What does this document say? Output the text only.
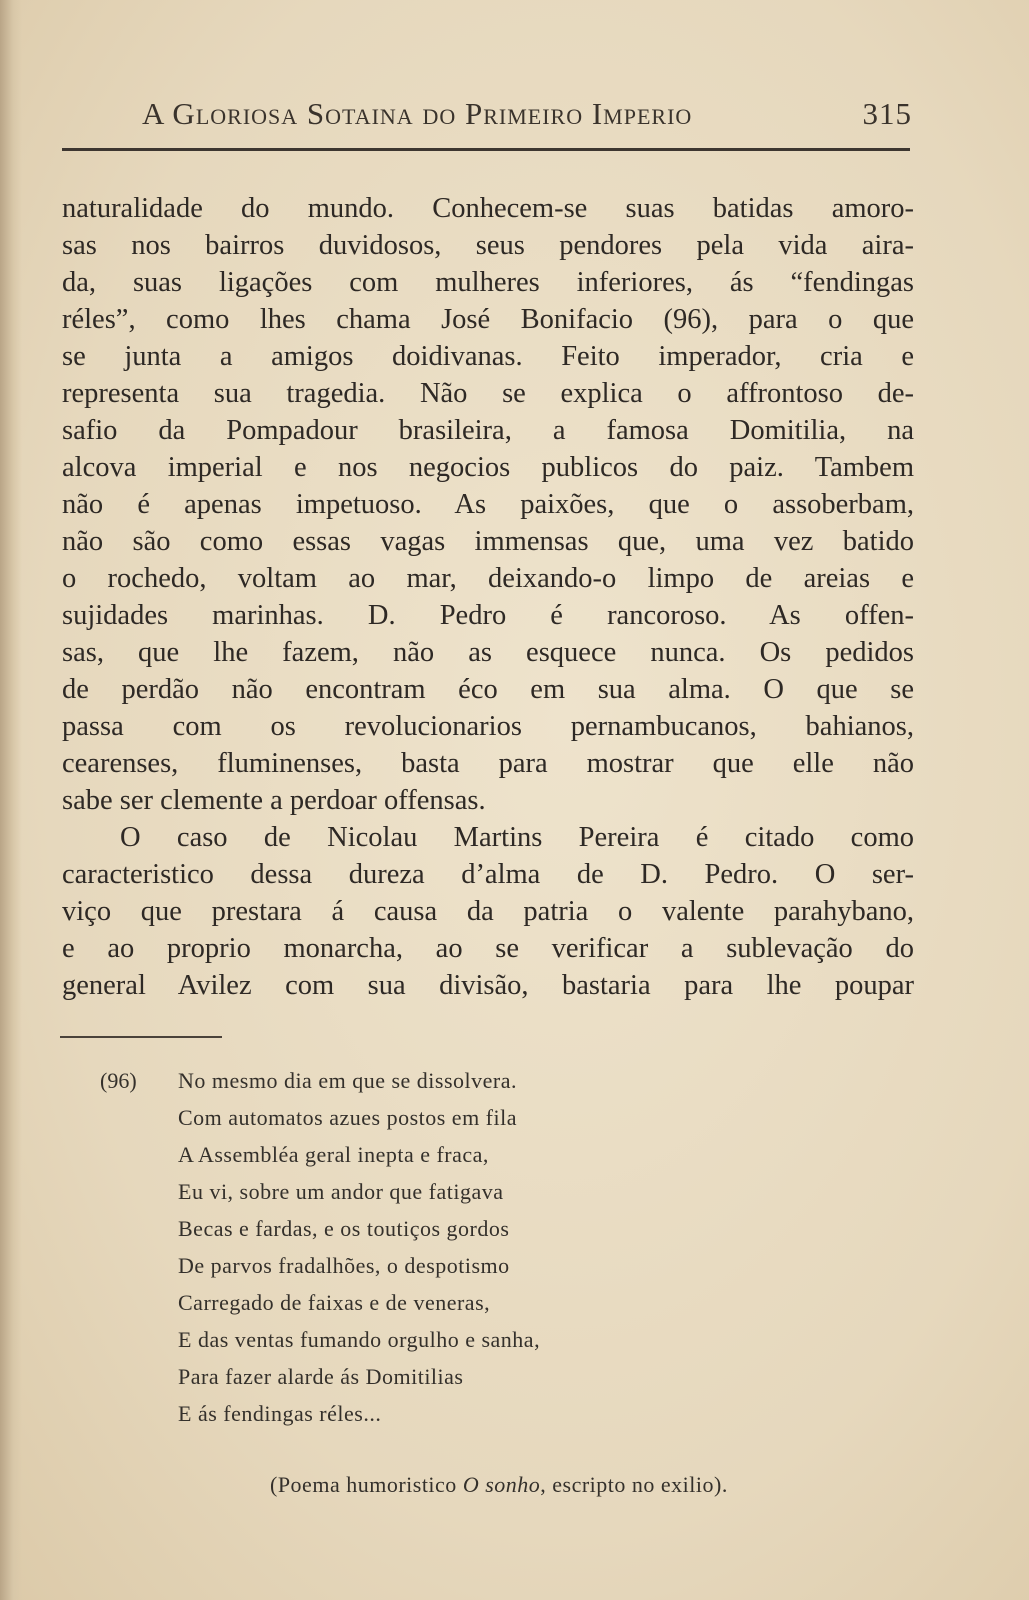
A Gloriosa Sotaina do Primeiro Imperio	315
naturalidade do mundo. Conhecem-se suas batidas amoro-
sas nos bairros duvidosos, seus pendores pela vida aira-
da, suas ligações com mulheres inferiores, ás “fendingas
réles”, como lhes chama José Bonifacio (96), para o que
se junta a amigos doidivanas. Feito imperador, cria e
representa sua tragedia. Não se explica o affrontoso de-
safio da Pompadour brasileira, a famosa Domitilia, na
alcova imperial e nos negocios publicos do paiz. Tambem
não é apenas impetuoso. As paixões, que o assoberbam,
não são como essas vagas immensas que, uma vez batido
o rochedo, voltam ao mar, deixando-o limpo de areias e
sujidades marinhas. D. Pedro é rancoroso. As offen-
sas, que lhe fazem, não as esquece nunca. Os pedidos
de perdão não encontram éco em sua alma. O que se
passa com os revolucionarios pernambucanos, bahianos,
cearenses, fluminenses, basta para mostrar que elle não
sabe ser clemente a perdoar offensas.
O caso de Nicolau Martins Pereira é citado como
caracteristico dessa dureza d’alma de D. Pedro. O ser-
viço que prestara á causa da patria o valente parahybano,
e ao proprio monarcha, ao se verificar a sublevação do
general Avilez com sua divisão, bastaria para lhe poupar
(96) No mesmo dia em que se dissolvera.
Com automatos azues postos em fila
A Assembléa geral inepta e fraca,
Eu vi, sobre um andor que fatigava
Becas e fardas, e os toutiços gordos
De parvos fradalhões, o despotismo
Carregado de faixas e de veneras,
E das ventas fumando orgulho e sanha,
Para fazer alarde ás Domitilias
E ás fendingas réles...
(Poema humoristico O sonho, escripto no exilio).
